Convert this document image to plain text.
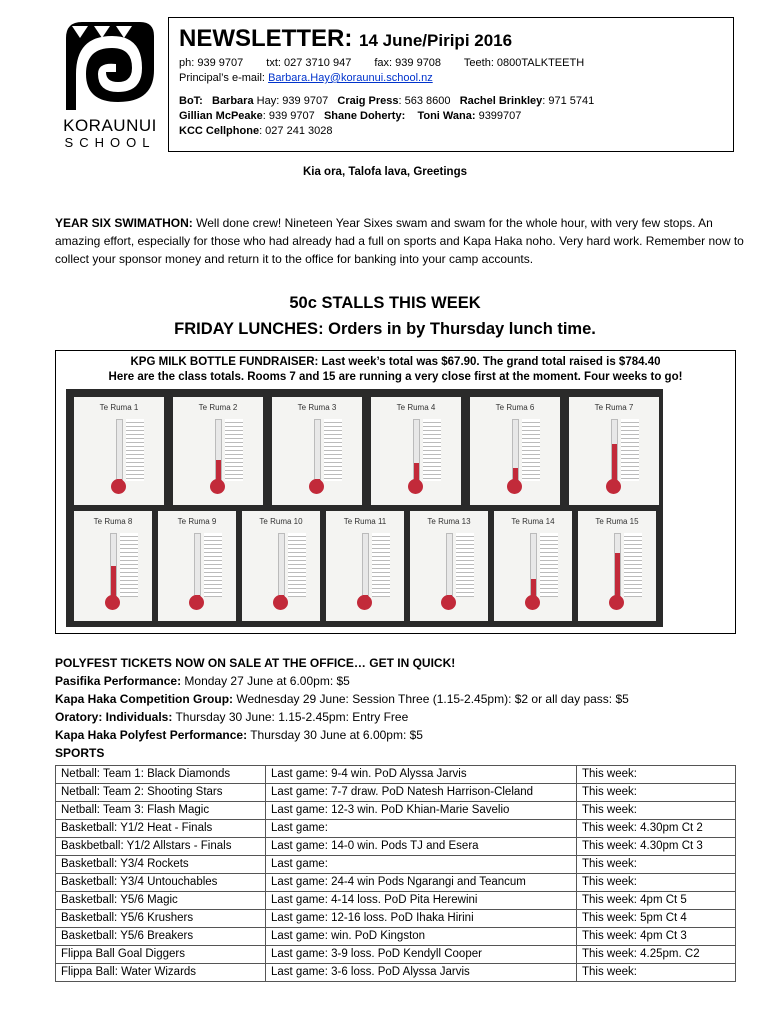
KORAUNUI
SCHOOL
NEWSLETTER: 14 June/Piripi 2016
ph: 939 9707 txt: 027 3710 947 fax: 939 9708 Teeth: 0800TALKTEETH
Principal’s e-mail: Barbara.Hay@koraunui.school.nz
BoT: Barbara Hay: 939 9707 Craig Press: 563 8600 Rachel Brinkley: 971 5741
Gillian McPeake: 939 9707 Shane Doherty: Toni Wana: 9399707
KCC Cellphone: 027 241 3028
Kia ora, Talofa lava, Greetings
YEAR SIX SWIMATHON: Well done crew! Nineteen Year Sixes swam and swam for the whole hour, with very few stops. An amazing effort, especially for those who had already had a full on sports and Kapa Haka noho. Very hard work. Remember now to collect your sponsor money and return it to the office for banking into your camp accounts.
50c STALLS THIS WEEK
FRIDAY LUNCHES: Orders in by Thursday lunch time.
KPG MILK BOTTLE FUNDRAISER: Last week’s total was $67.90. The grand total raised is $784.40
Here are the class totals. Rooms 7 and 15 are running a very close first at the moment. Four weeks to go!
Te Ruma 1	Te Ruma 2	Te Ruma 3	Te Ruma 4	Te Ruma 6	Te Ruma 7
Te Ruma 8	Te Ruma 9	Te Ruma 10	Te Ruma 11	Te Ruma 13	Te Ruma 14	Te Ruma 15
POLYFEST TICKETS NOW ON SALE AT THE OFFICE… GET IN QUICK!
Pasifika Performance: Monday 27 June at 6.00pm: $5
Kapa Haka Competition Group: Wednesday 29 June: Session Three (1.15-2.45pm): $2 or all day pass: $5
Oratory: Individuals: Thursday 30 June: 1.15-2.45pm: Entry Free
Kapa Haka Polyfest Performance: Thursday 30 June at 6.00pm: $5
SPORTS
Netball: Team 1: Black Diamonds	Last game: 9-4 win. PoD Alyssa Jarvis	This week:
Netball: Team 2: Shooting Stars	Last game: 7-7 draw. PoD Natesh Harrison-Cleland	This week:
Netball: Team 3: Flash Magic	Last game: 12-3 win. PoD Khian-Marie Savelio	This week:
Basketball: Y1/2 Heat - Finals	Last game:	This week: 4.30pm Ct 2
Baskbetball: Y1/2 Allstars - Finals	Last game: 14-0 win. Pods TJ and Esera	This week: 4.30pm Ct 3
Basketball: Y3/4 Rockets	Last game:	This week:
Basketball: Y3/4 Untouchables	Last game: 24-4 win Pods Ngarangi and Teancum	This week:
Basketball: Y5/6 Magic	Last game: 4-14 loss. PoD Pita Herewini	This week: 4pm Ct 5
Basketball: Y5/6 Krushers	Last game: 12-16 loss. PoD Ihaka Hirini	This week: 5pm Ct 4
Basketball: Y5/6 Breakers	Last game: win. PoD Kingston	This week: 4pm Ct 3
Flippa Ball Goal Diggers	Last game: 3-9 loss. PoD Kendyll Cooper	This week: 4.25pm. C2
Flippa Ball: Water Wizards	Last game: 3-6 loss. PoD Alyssa Jarvis	This week:
